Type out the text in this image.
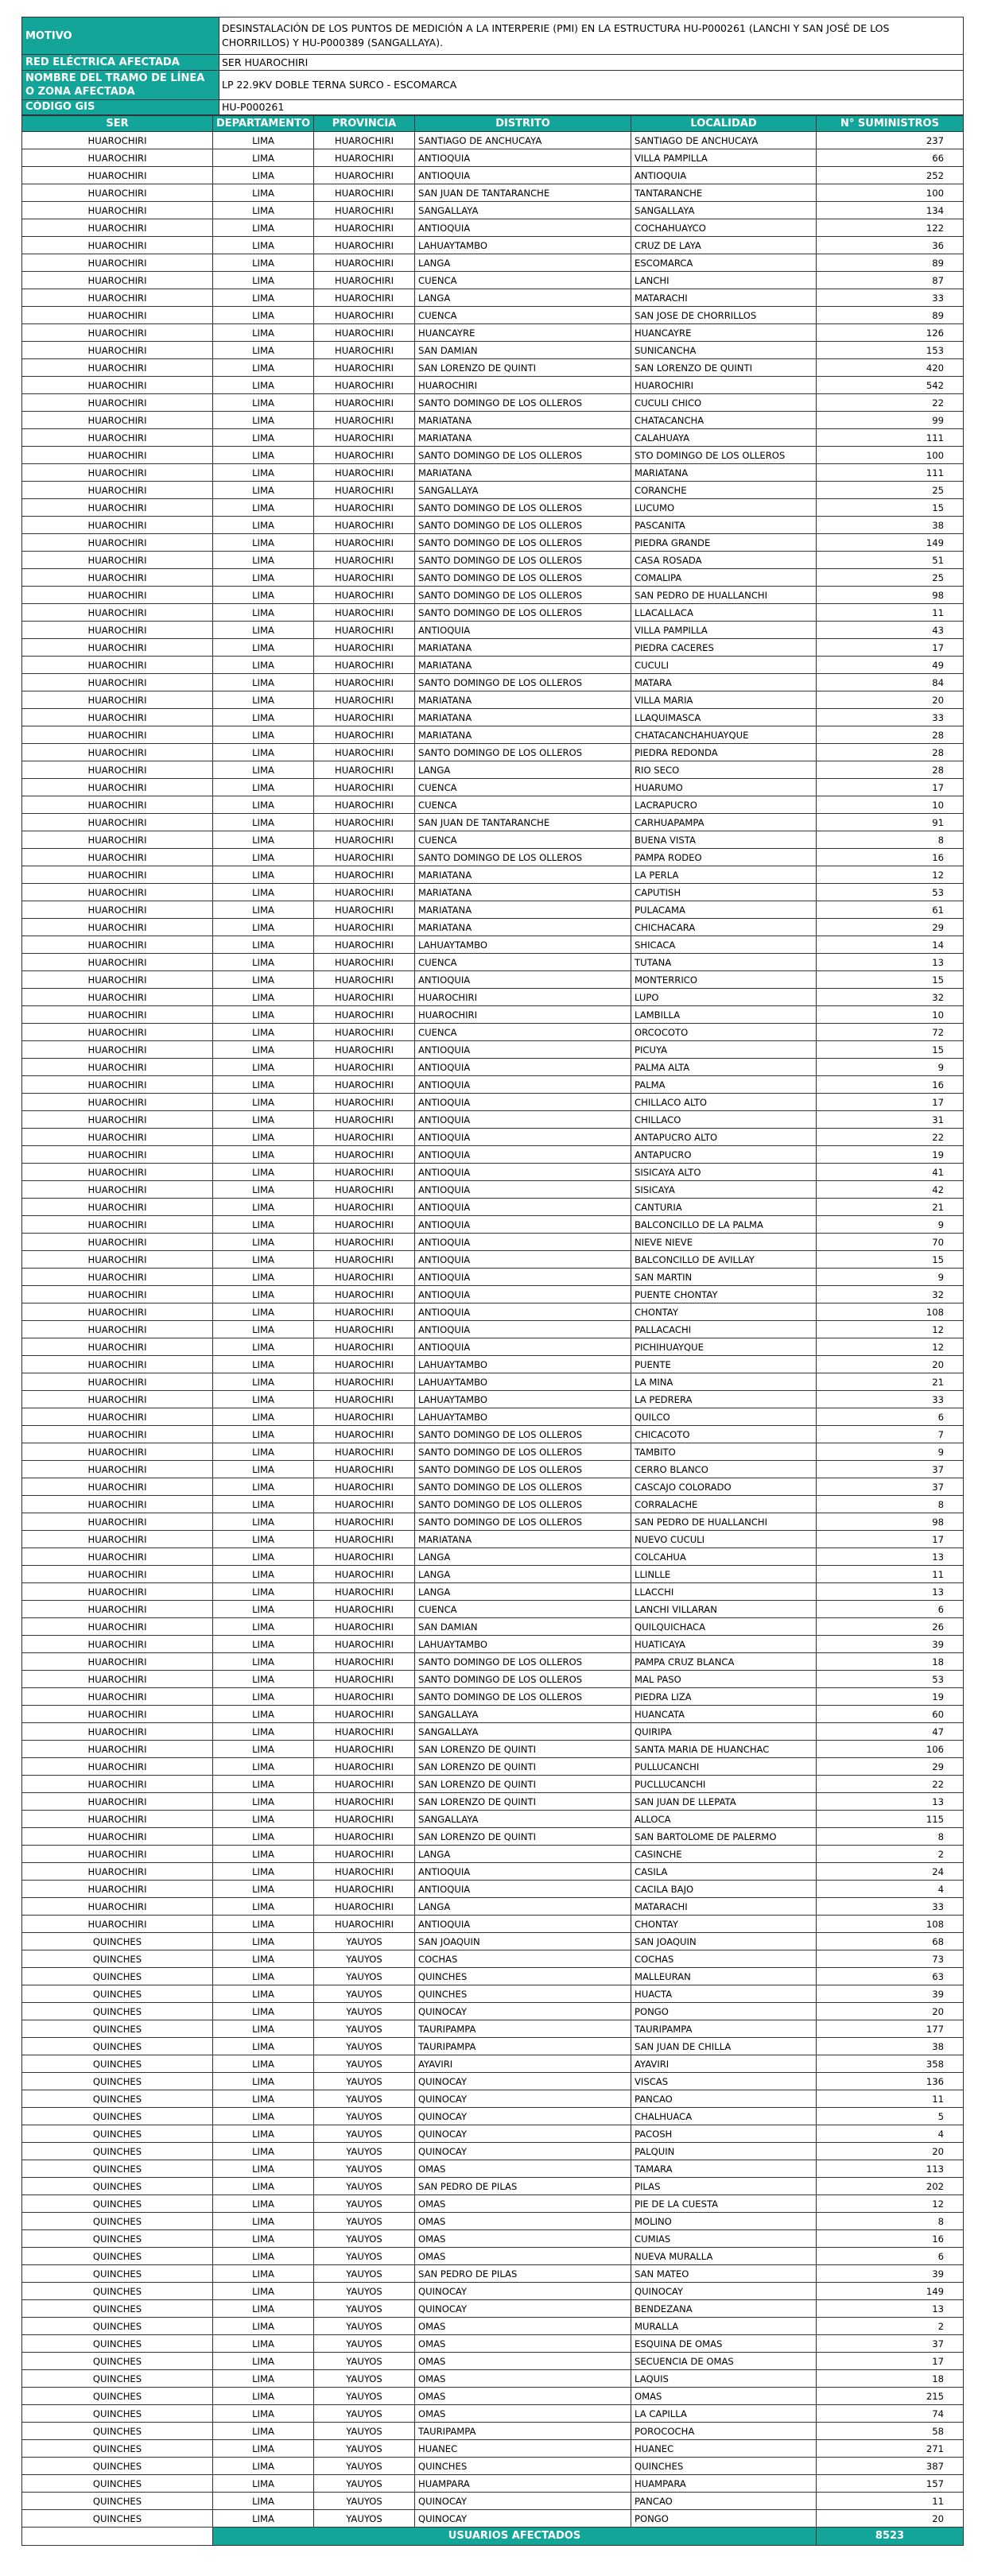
MOTIVO	DESINSTALACIÓN DE LOS PUNTOS DE MEDICIÓN A LA INTERPERIE (PMI) EN LA ESTRUCTURA HU-P000261 (LANCHI Y SAN JOSÉ DE LOS CHORRILLOS) Y HU-P000389 (SANGALLAYA).
RED ELÉCTRICA AFECTADA	SER HUAROCHIRI
NOMBRE DEL TRAMO DE LÍNEA O ZONA AFECTADA	LP 22.9KV DOBLE TERNA SURCO - ESCOMARCA
CÓDIGO GIS	HU-P000261
SER	DEPARTAMENTO	PROVINCIA	DISTRITO	LOCALIDAD	N° SUMINISTROS
HUAROCHIRI	LIMA	HUAROCHIRI	SANTIAGO DE ANCHUCAYA	SANTIAGO DE ANCHUCAYA	237
HUAROCHIRI	LIMA	HUAROCHIRI	ANTIOQUIA	VILLA PAMPILLA	66
HUAROCHIRI	LIMA	HUAROCHIRI	ANTIOQUIA	ANTIOQUIA	252
HUAROCHIRI	LIMA	HUAROCHIRI	SAN JUAN DE TANTARANCHE	TANTARANCHE	100
HUAROCHIRI	LIMA	HUAROCHIRI	SANGALLAYA	SANGALLAYA	134
HUAROCHIRI	LIMA	HUAROCHIRI	ANTIOQUIA	COCHAHUAYCO	122
HUAROCHIRI	LIMA	HUAROCHIRI	LAHUAYTAMBO	CRUZ DE LAYA	36
HUAROCHIRI	LIMA	HUAROCHIRI	LANGA	ESCOMARCA	89
HUAROCHIRI	LIMA	HUAROCHIRI	CUENCA	LANCHI	87
HUAROCHIRI	LIMA	HUAROCHIRI	LANGA	MATARACHI	33
HUAROCHIRI	LIMA	HUAROCHIRI	CUENCA	SAN JOSE DE CHORRILLOS	89
HUAROCHIRI	LIMA	HUAROCHIRI	HUANCAYRE	HUANCAYRE	126
HUAROCHIRI	LIMA	HUAROCHIRI	SAN DAMIAN	SUNICANCHA	153
HUAROCHIRI	LIMA	HUAROCHIRI	SAN LORENZO DE QUINTI	SAN LORENZO DE QUINTI	420
HUAROCHIRI	LIMA	HUAROCHIRI	HUAROCHIRI	HUAROCHIRI	542
HUAROCHIRI	LIMA	HUAROCHIRI	SANTO DOMINGO DE LOS OLLEROS	CUCULI CHICO	22
HUAROCHIRI	LIMA	HUAROCHIRI	MARIATANA	CHATACANCHA	99
HUAROCHIRI	LIMA	HUAROCHIRI	MARIATANA	CALAHUAYA	111
HUAROCHIRI	LIMA	HUAROCHIRI	SANTO DOMINGO DE LOS OLLEROS	STO DOMINGO DE LOS OLLEROS	100
HUAROCHIRI	LIMA	HUAROCHIRI	MARIATANA	MARIATANA	111
HUAROCHIRI	LIMA	HUAROCHIRI	SANGALLAYA	CORANCHE	25
HUAROCHIRI	LIMA	HUAROCHIRI	SANTO DOMINGO DE LOS OLLEROS	LUCUMO	15
HUAROCHIRI	LIMA	HUAROCHIRI	SANTO DOMINGO DE LOS OLLEROS	PASCANITA	38
HUAROCHIRI	LIMA	HUAROCHIRI	SANTO DOMINGO DE LOS OLLEROS	PIEDRA GRANDE	149
HUAROCHIRI	LIMA	HUAROCHIRI	SANTO DOMINGO DE LOS OLLEROS	CASA ROSADA	51
HUAROCHIRI	LIMA	HUAROCHIRI	SANTO DOMINGO DE LOS OLLEROS	COMALIPA	25
HUAROCHIRI	LIMA	HUAROCHIRI	SANTO DOMINGO DE LOS OLLEROS	SAN PEDRO DE HUALLANCHI	98
HUAROCHIRI	LIMA	HUAROCHIRI	SANTO DOMINGO DE LOS OLLEROS	LLACALLACA	11
HUAROCHIRI	LIMA	HUAROCHIRI	ANTIOQUIA	VILLA PAMPILLA	43
HUAROCHIRI	LIMA	HUAROCHIRI	MARIATANA	PIEDRA CACERES	17
HUAROCHIRI	LIMA	HUAROCHIRI	MARIATANA	CUCULI	49
HUAROCHIRI	LIMA	HUAROCHIRI	SANTO DOMINGO DE LOS OLLEROS	MATARA	84
HUAROCHIRI	LIMA	HUAROCHIRI	MARIATANA	VILLA MARIA	20
HUAROCHIRI	LIMA	HUAROCHIRI	MARIATANA	LLAQUIMASCA	33
HUAROCHIRI	LIMA	HUAROCHIRI	MARIATANA	CHATACANCHAHUAYQUE	28
HUAROCHIRI	LIMA	HUAROCHIRI	SANTO DOMINGO DE LOS OLLEROS	PIEDRA REDONDA	28
HUAROCHIRI	LIMA	HUAROCHIRI	LANGA	RIO SECO	28
HUAROCHIRI	LIMA	HUAROCHIRI	CUENCA	HUARUMO	17
HUAROCHIRI	LIMA	HUAROCHIRI	CUENCA	LACRAPUCRO	10
HUAROCHIRI	LIMA	HUAROCHIRI	SAN JUAN DE TANTARANCHE	CARHUAPAMPA	91
HUAROCHIRI	LIMA	HUAROCHIRI	CUENCA	BUENA VISTA	8
HUAROCHIRI	LIMA	HUAROCHIRI	SANTO DOMINGO DE LOS OLLEROS	PAMPA RODEO	16
HUAROCHIRI	LIMA	HUAROCHIRI	MARIATANA	LA PERLA	12
HUAROCHIRI	LIMA	HUAROCHIRI	MARIATANA	CAPUTISH	53
HUAROCHIRI	LIMA	HUAROCHIRI	MARIATANA	PULACAMA	61
HUAROCHIRI	LIMA	HUAROCHIRI	MARIATANA	CHICHACARA	29
HUAROCHIRI	LIMA	HUAROCHIRI	LAHUAYTAMBO	SHICACA	14
HUAROCHIRI	LIMA	HUAROCHIRI	CUENCA	TUTANA	13
HUAROCHIRI	LIMA	HUAROCHIRI	ANTIOQUIA	MONTERRICO	15
HUAROCHIRI	LIMA	HUAROCHIRI	HUAROCHIRI	LUPO	32
HUAROCHIRI	LIMA	HUAROCHIRI	HUAROCHIRI	LAMBILLA	10
HUAROCHIRI	LIMA	HUAROCHIRI	CUENCA	ORCOCOTO	72
HUAROCHIRI	LIMA	HUAROCHIRI	ANTIOQUIA	PICUYA	15
HUAROCHIRI	LIMA	HUAROCHIRI	ANTIOQUIA	PALMA ALTA	9
HUAROCHIRI	LIMA	HUAROCHIRI	ANTIOQUIA	PALMA	16
HUAROCHIRI	LIMA	HUAROCHIRI	ANTIOQUIA	CHILLACO ALTO	17
HUAROCHIRI	LIMA	HUAROCHIRI	ANTIOQUIA	CHILLACO	31
HUAROCHIRI	LIMA	HUAROCHIRI	ANTIOQUIA	ANTAPUCRO ALTO	22
HUAROCHIRI	LIMA	HUAROCHIRI	ANTIOQUIA	ANTAPUCRO	19
HUAROCHIRI	LIMA	HUAROCHIRI	ANTIOQUIA	SISICAYA ALTO	41
HUAROCHIRI	LIMA	HUAROCHIRI	ANTIOQUIA	SISICAYA	42
HUAROCHIRI	LIMA	HUAROCHIRI	ANTIOQUIA	CANTURIA	21
HUAROCHIRI	LIMA	HUAROCHIRI	ANTIOQUIA	BALCONCILLO DE LA PALMA	9
HUAROCHIRI	LIMA	HUAROCHIRI	ANTIOQUIA	NIEVE NIEVE	70
HUAROCHIRI	LIMA	HUAROCHIRI	ANTIOQUIA	BALCONCILLO DE AVILLAY	15
HUAROCHIRI	LIMA	HUAROCHIRI	ANTIOQUIA	SAN MARTIN	9
HUAROCHIRI	LIMA	HUAROCHIRI	ANTIOQUIA	PUENTE CHONTAY	32
HUAROCHIRI	LIMA	HUAROCHIRI	ANTIOQUIA	CHONTAY	108
HUAROCHIRI	LIMA	HUAROCHIRI	ANTIOQUIA	PALLACACHI	12
HUAROCHIRI	LIMA	HUAROCHIRI	ANTIOQUIA	PICHIHUAYQUE	12
HUAROCHIRI	LIMA	HUAROCHIRI	LAHUAYTAMBO	PUENTE	20
HUAROCHIRI	LIMA	HUAROCHIRI	LAHUAYTAMBO	LA MINA	21
HUAROCHIRI	LIMA	HUAROCHIRI	LAHUAYTAMBO	LA PEDRERA	33
HUAROCHIRI	LIMA	HUAROCHIRI	LAHUAYTAMBO	QUILCO	6
HUAROCHIRI	LIMA	HUAROCHIRI	SANTO DOMINGO DE LOS OLLEROS	CHICACOTO	7
HUAROCHIRI	LIMA	HUAROCHIRI	SANTO DOMINGO DE LOS OLLEROS	TAMBITO	9
HUAROCHIRI	LIMA	HUAROCHIRI	SANTO DOMINGO DE LOS OLLEROS	CERRO BLANCO	37
HUAROCHIRI	LIMA	HUAROCHIRI	SANTO DOMINGO DE LOS OLLEROS	CASCAJO COLORADO	37
HUAROCHIRI	LIMA	HUAROCHIRI	SANTO DOMINGO DE LOS OLLEROS	CORRALACHE	8
HUAROCHIRI	LIMA	HUAROCHIRI	SANTO DOMINGO DE LOS OLLEROS	SAN PEDRO DE HUALLANCHI	98
HUAROCHIRI	LIMA	HUAROCHIRI	MARIATANA	NUEVO CUCULI	17
HUAROCHIRI	LIMA	HUAROCHIRI	LANGA	COLCAHUA	13
HUAROCHIRI	LIMA	HUAROCHIRI	LANGA	LLINLLE	11
HUAROCHIRI	LIMA	HUAROCHIRI	LANGA	LLACCHI	13
HUAROCHIRI	LIMA	HUAROCHIRI	CUENCA	LANCHI VILLARAN	6
HUAROCHIRI	LIMA	HUAROCHIRI	SAN DAMIAN	QUILQUICHACA	26
HUAROCHIRI	LIMA	HUAROCHIRI	LAHUAYTAMBO	HUATICAYA	39
HUAROCHIRI	LIMA	HUAROCHIRI	SANTO DOMINGO DE LOS OLLEROS	PAMPA CRUZ BLANCA	18
HUAROCHIRI	LIMA	HUAROCHIRI	SANTO DOMINGO DE LOS OLLEROS	MAL PASO	53
HUAROCHIRI	LIMA	HUAROCHIRI	SANTO DOMINGO DE LOS OLLEROS	PIEDRA LIZA	19
HUAROCHIRI	LIMA	HUAROCHIRI	SANGALLAYA	HUANCATA	60
HUAROCHIRI	LIMA	HUAROCHIRI	SANGALLAYA	QUIRIPA	47
HUAROCHIRI	LIMA	HUAROCHIRI	SAN LORENZO DE QUINTI	SANTA MARIA DE HUANCHAC	106
HUAROCHIRI	LIMA	HUAROCHIRI	SAN LORENZO DE QUINTI	PULLUCANCHI	29
HUAROCHIRI	LIMA	HUAROCHIRI	SAN LORENZO DE QUINTI	PUCLLUCANCHI	22
HUAROCHIRI	LIMA	HUAROCHIRI	SAN LORENZO DE QUINTI	SAN JUAN DE LLEPATA	13
HUAROCHIRI	LIMA	HUAROCHIRI	SANGALLAYA	ALLOCA	115
HUAROCHIRI	LIMA	HUAROCHIRI	SAN LORENZO DE QUINTI	SAN BARTOLOME DE PALERMO	8
HUAROCHIRI	LIMA	HUAROCHIRI	LANGA	CASINCHE	2
HUAROCHIRI	LIMA	HUAROCHIRI	ANTIOQUIA	CASILA	24
HUAROCHIRI	LIMA	HUAROCHIRI	ANTIOQUIA	CACILA BAJO	4
HUAROCHIRI	LIMA	HUAROCHIRI	LANGA	MATARACHI	33
HUAROCHIRI	LIMA	HUAROCHIRI	ANTIOQUIA	CHONTAY	108
QUINCHES	LIMA	YAUYOS	SAN JOAQUIN	SAN JOAQUIN	68
QUINCHES	LIMA	YAUYOS	COCHAS	COCHAS	73
QUINCHES	LIMA	YAUYOS	QUINCHES	MALLEURAN	63
QUINCHES	LIMA	YAUYOS	QUINCHES	HUACTA	39
QUINCHES	LIMA	YAUYOS	QUINOCAY	PONGO	20
QUINCHES	LIMA	YAUYOS	TAURIPAMPA	TAURIPAMPA	177
QUINCHES	LIMA	YAUYOS	TAURIPAMPA	SAN JUAN DE CHILLA	38
QUINCHES	LIMA	YAUYOS	AYAVIRI	AYAVIRI	358
QUINCHES	LIMA	YAUYOS	QUINOCAY	VISCAS	136
QUINCHES	LIMA	YAUYOS	QUINOCAY	PANCAO	11
QUINCHES	LIMA	YAUYOS	QUINOCAY	CHALHUACA	5
QUINCHES	LIMA	YAUYOS	QUINOCAY	PACOSH	4
QUINCHES	LIMA	YAUYOS	QUINOCAY	PALQUIN	20
QUINCHES	LIMA	YAUYOS	OMAS	TAMARA	113
QUINCHES	LIMA	YAUYOS	SAN PEDRO DE PILAS	PILAS	202
QUINCHES	LIMA	YAUYOS	OMAS	PIE DE LA CUESTA	12
QUINCHES	LIMA	YAUYOS	OMAS	MOLINO	8
QUINCHES	LIMA	YAUYOS	OMAS	CUMIAS	16
QUINCHES	LIMA	YAUYOS	OMAS	NUEVA MURALLA	6
QUINCHES	LIMA	YAUYOS	SAN PEDRO DE PILAS	SAN MATEO	39
QUINCHES	LIMA	YAUYOS	QUINOCAY	QUINOCAY	149
QUINCHES	LIMA	YAUYOS	QUINOCAY	BENDEZANA	13
QUINCHES	LIMA	YAUYOS	OMAS	MURALLA	2
QUINCHES	LIMA	YAUYOS	OMAS	ESQUINA DE OMAS	37
QUINCHES	LIMA	YAUYOS	OMAS	SECUENCIA DE OMAS	17
QUINCHES	LIMA	YAUYOS	OMAS	LAQUIS	18
QUINCHES	LIMA	YAUYOS	OMAS	OMAS	215
QUINCHES	LIMA	YAUYOS	OMAS	LA CAPILLA	74
QUINCHES	LIMA	YAUYOS	TAURIPAMPA	POROCOCHA	58
QUINCHES	LIMA	YAUYOS	HUANEC	HUANEC	271
QUINCHES	LIMA	YAUYOS	QUINCHES	QUINCHES	387
QUINCHES	LIMA	YAUYOS	HUAMPARA	HUAMPARA	157
QUINCHES	LIMA	YAUYOS	QUINOCAY	PANCAO	11
QUINCHES	LIMA	YAUYOS	QUINOCAY	PONGO	20
	USUARIOS AFECTADOS				8523
